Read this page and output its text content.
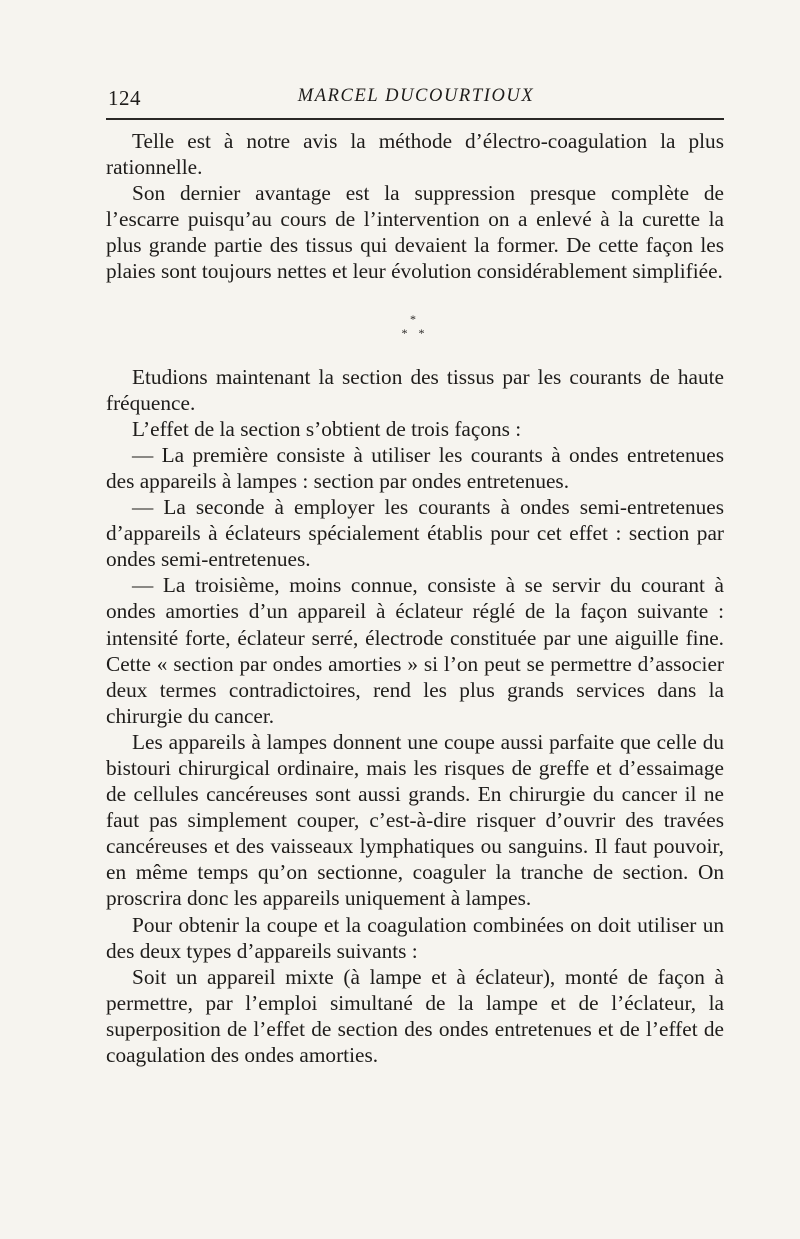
124	MARCEL DUCOURTIOUX

Telle est à notre avis la méthode d’électro-coagulation la plus rationnelle.

Son dernier avantage est la suppression presque complète de l’escarre puisqu’au cours de l’intervention on a enlevé à la curette la plus grande partie des tissus qui devaient la former. De cette façon les plaies sont toujours nettes et leur évolution considérablement simplifiée.

*
* *

Etudions maintenant la section des tissus par les courants de haute fréquence.

L’effet de la section s’obtient de trois façons :

— La première consiste à utiliser les courants à ondes entretenues des appareils à lampes : section par ondes entretenues.

— La seconde à employer les courants à ondes semi-entretenues d’appareils à éclateurs spécialement établis pour cet effet : section par ondes semi-entretenues.

— La troisième, moins connue, consiste à se servir du courant à ondes amorties d’un appareil à éclateur réglé de la façon suivante : intensité forte, éclateur serré, électrode constituée par une aiguille fine. Cette « section par ondes amorties » si l’on peut se permettre d’associer deux termes contradictoires, rend les plus grands services dans la chirurgie du cancer.

Les appareils à lampes donnent une coupe aussi parfaite que celle du bistouri chirurgical ordinaire, mais les risques de greffe et d’essaimage de cellules cancéreuses sont aussi grands. En chirurgie du cancer il ne faut pas simplement couper, c’est-à-dire risquer d’ouvrir des travées cancéreuses et des vaisseaux lymphatiques ou sanguins. Il faut pouvoir, en même temps qu’on sectionne, coaguler la tranche de section. On proscrira donc les appareils uniquement à lampes.

Pour obtenir la coupe et la coagulation combinées on doit utiliser un des deux types d’appareils suivants :

Soit un appareil mixte (à lampe et à éclateur), monté de façon à permettre, par l’emploi simultané de la lampe et de l’éclateur, la superposition de l’effet de section des ondes entretenues et de l’effet de coagulation des ondes amorties.
